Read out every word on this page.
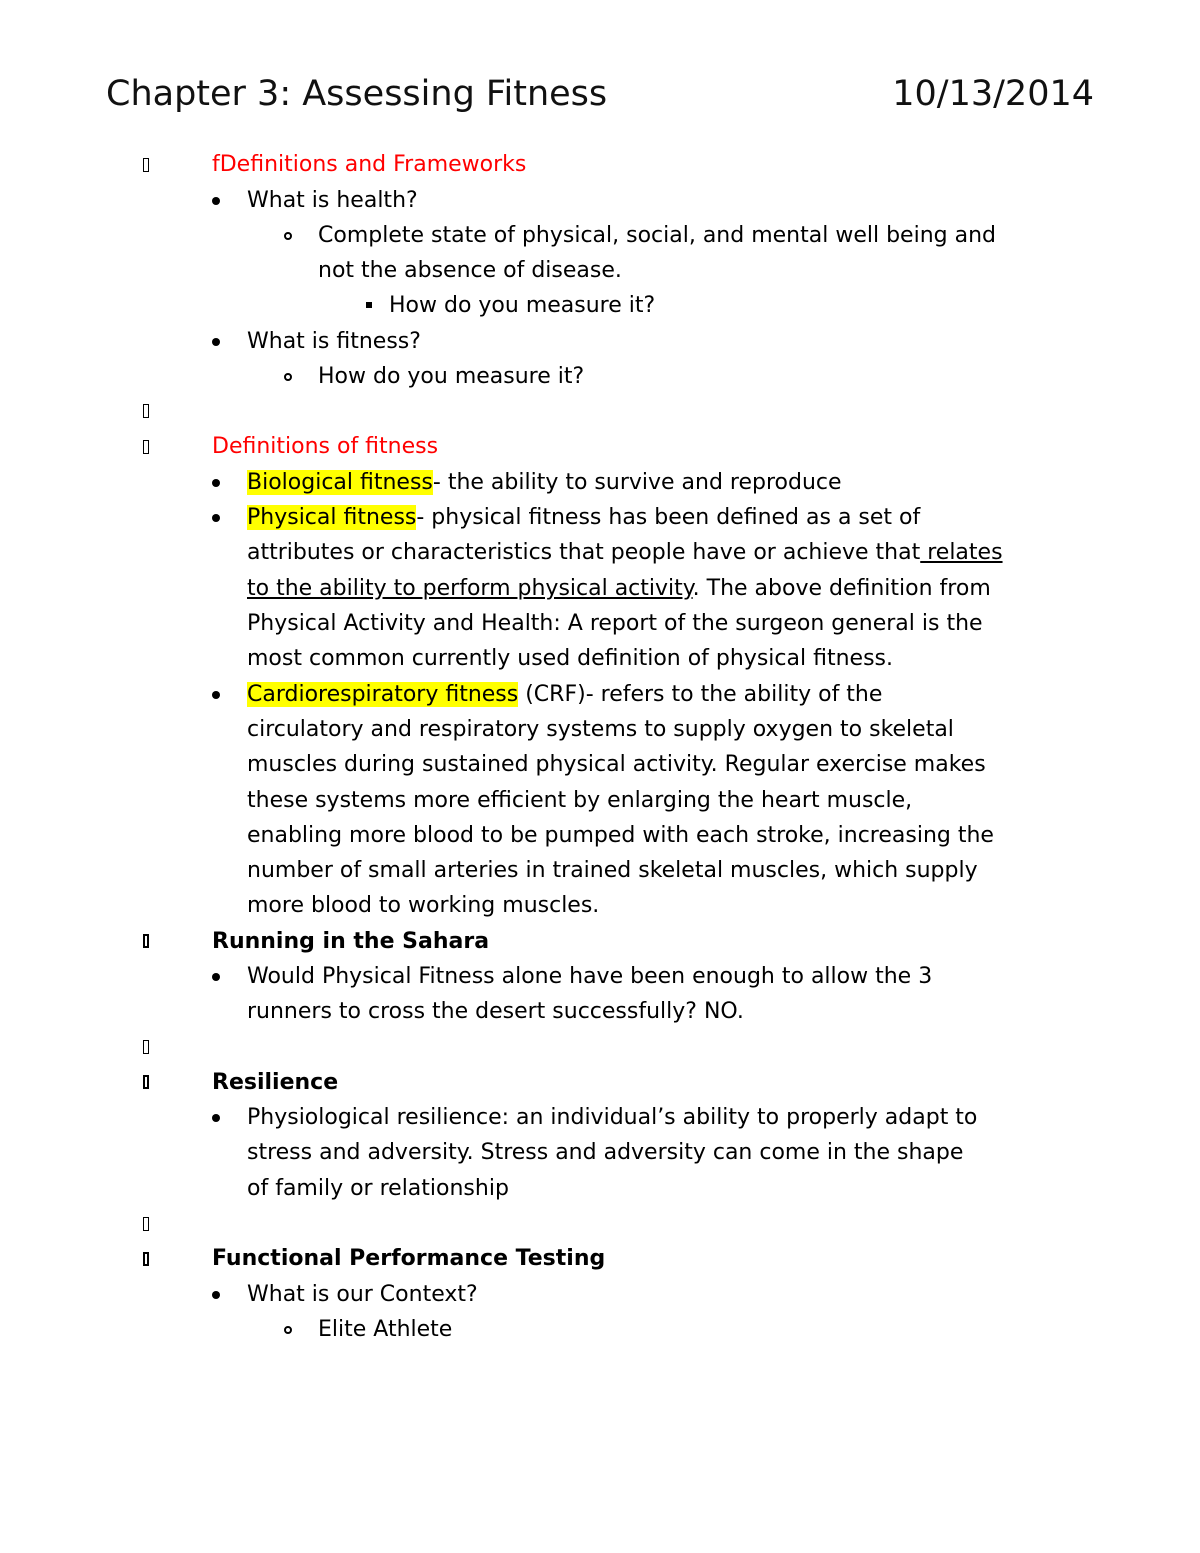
Chapter 3: Assessing Fitness	10/13/2014
fDefinitions and Frameworks
What is health?
Complete state of physical, social, and mental well being and
not the absence of disease.
How do you measure it?
What is fitness?
How do you measure it?
Definitions of fitness
Biological fitness- the ability to survive and reproduce
Physical fitness- physical fitness has been defined as a set of
attributes or characteristics that people have or achieve that relates
to the ability to perform physical activity. The above definition from
Physical Activity and Health: A report of the surgeon general is the
most common currently used definition of physical fitness.
Cardiorespiratory fitness (CRF)- refers to the ability of the
circulatory and respiratory systems to supply oxygen to skeletal
muscles during sustained physical activity. Regular exercise makes
these systems more efficient by enlarging the heart muscle,
enabling more blood to be pumped with each stroke, increasing the
number of small arteries in trained skeletal muscles, which supply
more blood to working muscles.
Running in the Sahara
Would Physical Fitness alone have been enough to allow the 3
runners to cross the desert successfully? NO.
Resilience
Physiological resilience: an individual’s ability to properly adapt to
stress and adversity. Stress and adversity can come in the shape
of family or relationship
Functional Performance Testing
What is our Context?
Elite Athlete
